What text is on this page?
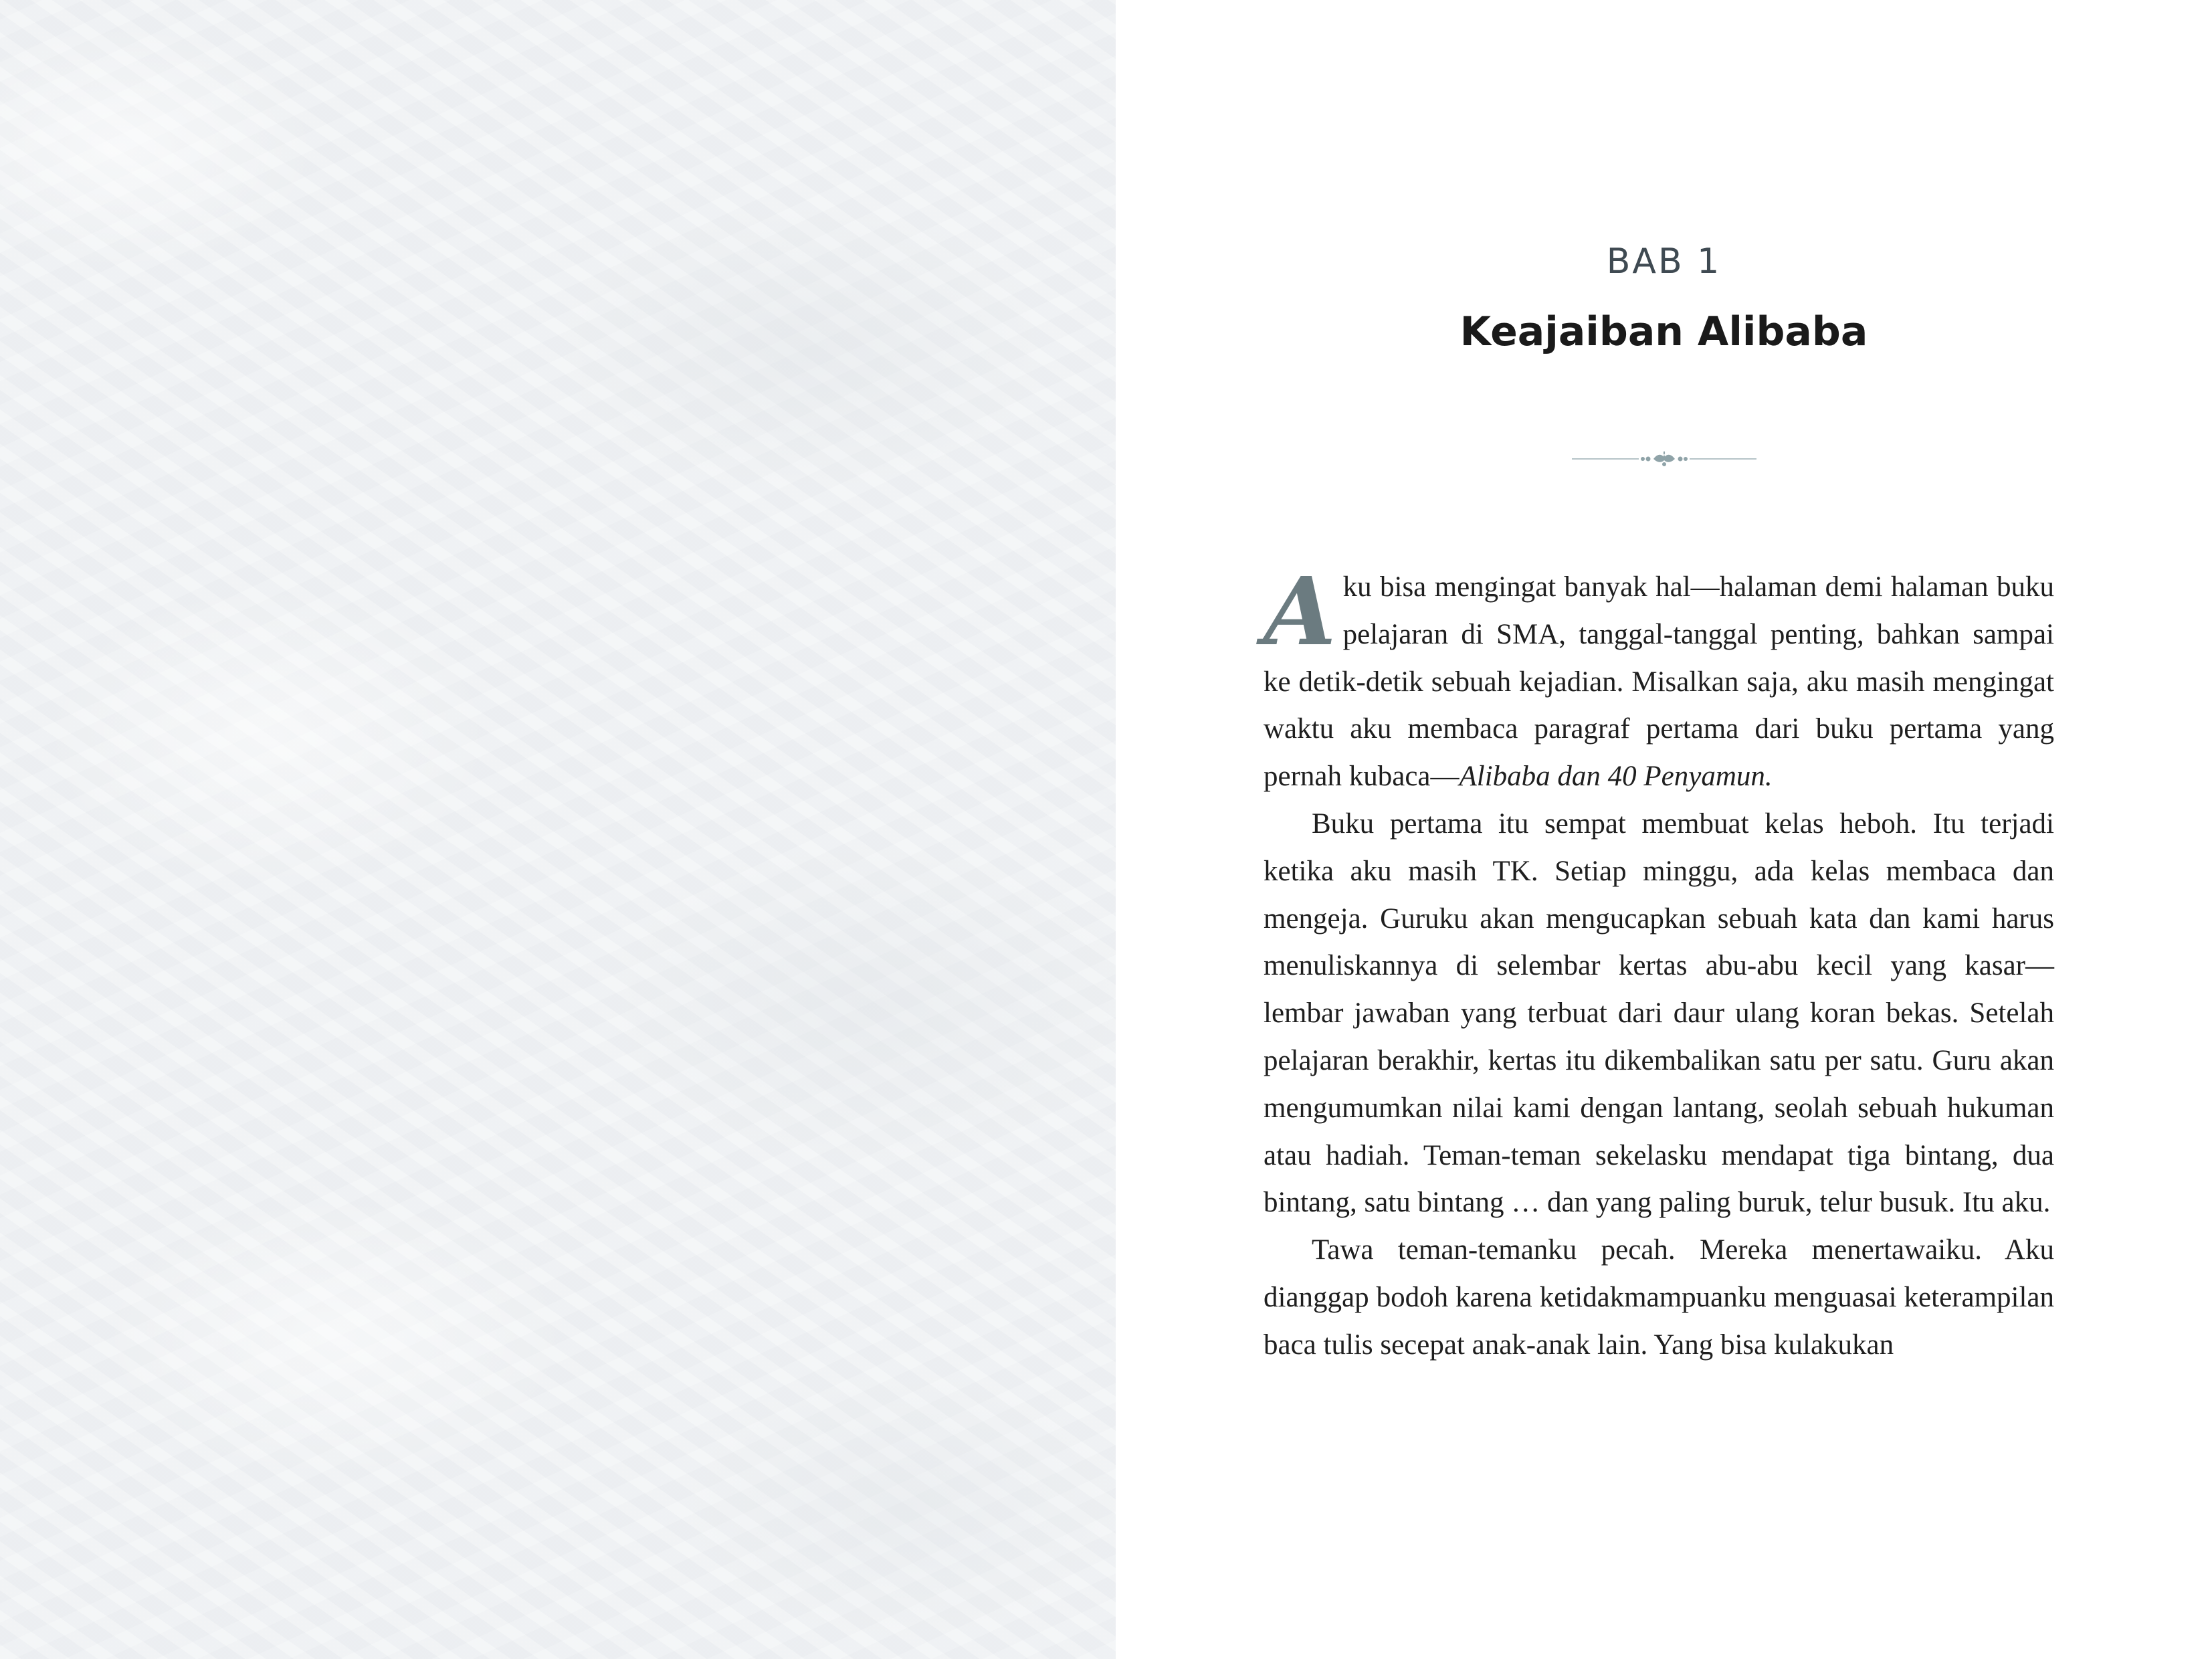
BAB 1
Keajaiban Alibaba

Aku bisa mengingat banyak hal—halaman demi halaman buku pelajaran di SMA, tanggal-tanggal penting, bahkan sampai ke detik-detik sebuah kejadian. Misalkan saja, aku masih mengingat waktu aku membaca paragraf pertama dari buku pertama yang pernah kubaca—Alibaba dan 40 Penyamun.

Buku pertama itu sempat membuat kelas heboh. Itu terjadi ketika aku masih TK. Setiap minggu, ada kelas membaca dan mengeja. Guruku akan mengucapkan sebuah kata dan kami harus menuliskannya di selembar kertas abu-abu kecil yang kasar—lembar jawaban yang terbuat dari daur ulang koran bekas. Setelah pelajaran berakhir, kertas itu dikembalikan satu per satu. Guru akan mengumumkan nilai kami dengan lantang, seolah sebuah hukuman atau hadiah. Teman-teman sekelasku mendapat tiga bintang, dua bintang, satu bintang … dan yang paling buruk, telur busuk. Itu aku.

Tawa teman-temanku pecah. Mereka menertawaiku. Aku dianggap bodoh karena ketidakmampuanku menguasai keterampilan baca tulis secepat anak-anak lain. Yang bisa kulakukan
